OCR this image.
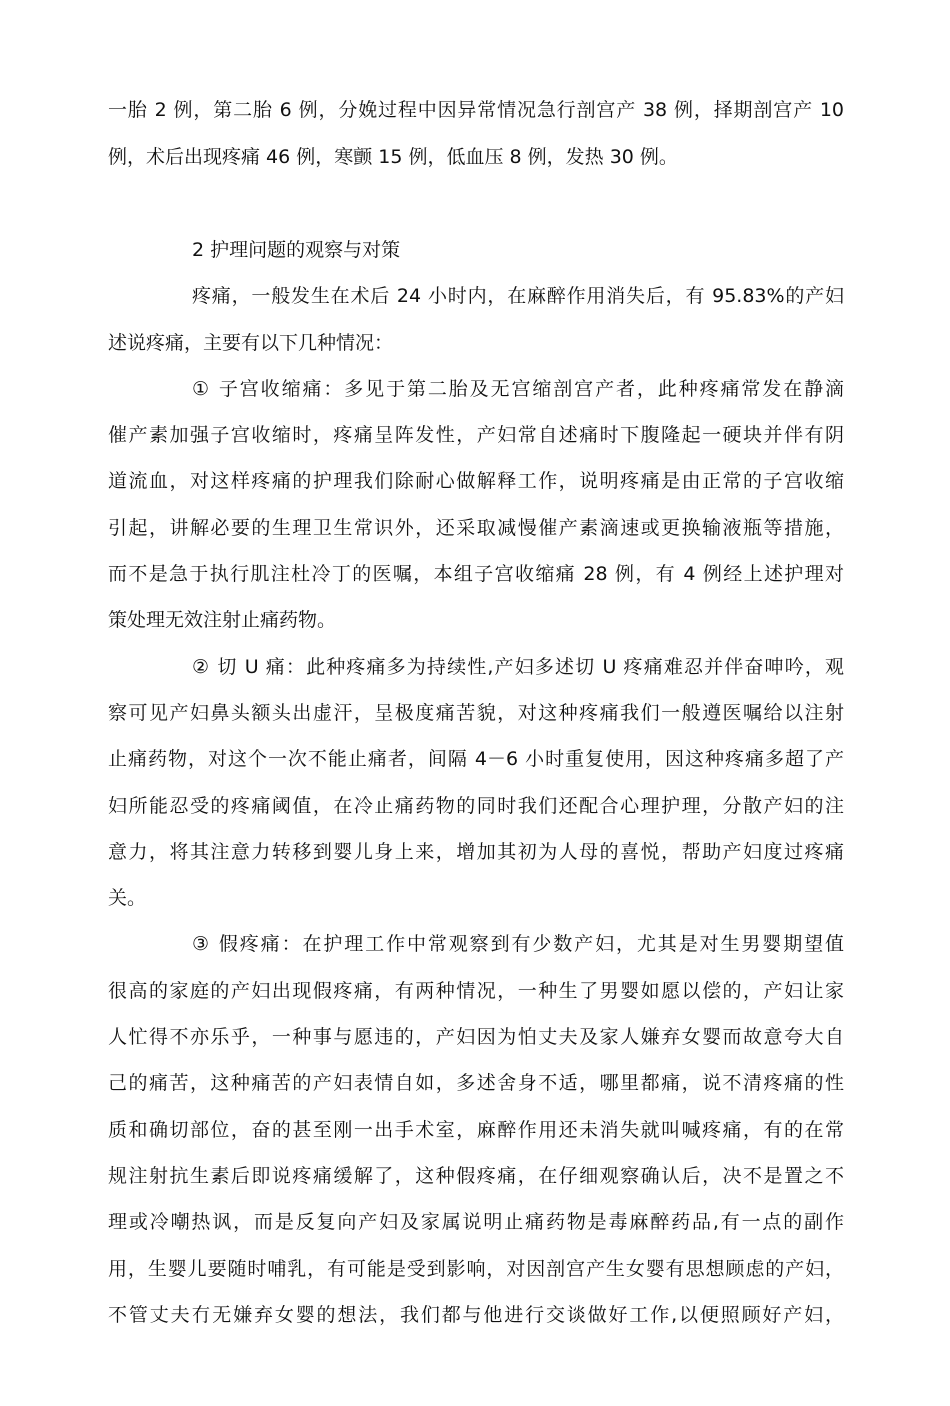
一胎 2 例，第二胎 6 例，分娩过程中因异常情况急行剖宫产 38 例，择期剖宫产 10
例，术后出现疼痛 46 例，寒颤 15 例，低血压 8 例，发热 30 例。
2 护理问题的观察与对策
疼痛，一般发生在术后 24 小时内，在麻醉作用消失后，有 95.83%的产妇
述说疼痛，主要有以下几种情况：
① 子宫收缩痛：多见于第二胎及无宫缩剖宫产者，此种疼痛常发在静滴
催产素加强子宫收缩时，疼痛呈阵发性，产妇常自述痛时下腹隆起一硬块并伴有阴
道流血，对这样疼痛的护理我们除耐心做解释工作，说明疼痛是由正常的子宫收缩
引起，讲解必要的生理卫生常识外，还采取减慢催产素滴速或更换输液瓶等措施，
而不是急于执行肌注杜冷丁的医嘱，本组子宫收缩痛 28 例，有 4 例经上述护理对
策处理无效注射止痛药物。
② 切 U 痛：此种疼痛多为持续性,产妇多述切 U 疼痛难忍并伴奋呻吟，观
察可见产妇鼻头额头出虚汗，呈极度痛苦貌，对这种疼痛我们一般遵医嘱给以注射
止痛药物，对这个一次不能止痛者，间隔 4－6 小时重复使用，因这种疼痛多超了产
妇所能忍受的疼痛阈值，在冷止痛药物的同时我们还配合心理护理，分散产妇的注
意力，将其注意力转移到婴儿身上来，增加其初为人母的喜悦，帮助产妇度过疼痛
关。
③ 假疼痛：在护理工作中常观察到有少数产妇，尤其是对生男婴期望值
很高的家庭的产妇出现假疼痛，有两种情况，一种生了男婴如愿以偿的，产妇让家
人忙得不亦乐乎，一种事与愿违的，产妇因为怕丈夫及家人嫌弃女婴而故意夸大自
己的痛苦，这种痛苦的产妇表情自如，多述舍身不适，哪里都痛，说不清疼痛的性
质和确切部位，奋的甚至刚一出手术室，麻醉作用还未消失就叫喊疼痛，有的在常
规注射抗生素后即说疼痛缓解了，这种假疼痛，在仔细观察确认后，决不是置之不
理或冷嘲热讽，而是反复向产妇及家属说明止痛药物是毒麻醉药品,有一点的副作
用，生婴儿要随时哺乳，有可能是受到影响，对因剖宫产生女婴有思想顾虑的产妇，
不管丈夫冇无嫌弃女婴的想法，我们都与他进行交谈做好工作,以便照顾好产妇，
